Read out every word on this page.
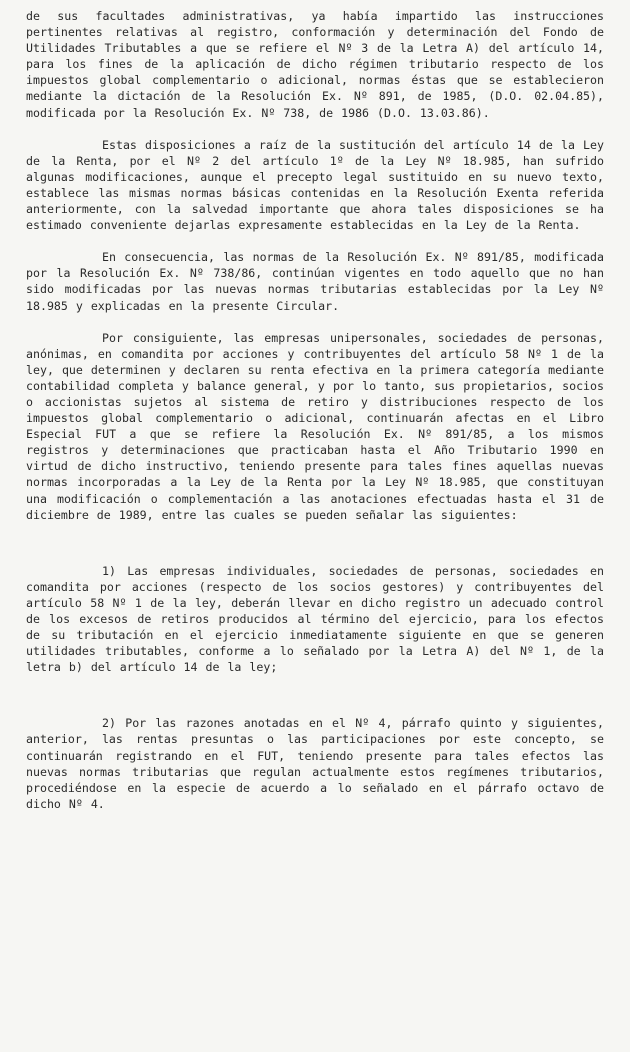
de sus facultades administrativas, ya había impartido las instrucciones pertinentes relativas al registro, conformación y determinación del Fondo de Utilidades Tributables a que se refiere el Nº 3 de la Letra A) del artículo 14, para los fines de la aplicación de dicho régimen tributario respecto de los impuestos global complementario o adicional, normas éstas que se establecieron mediante la dictación de la Resolución Ex. Nº 891, de 1985, (D.O. 02.04.85), modificada por la Resolución Ex. Nº 738, de 1986 (D.O. 13.03.86).

Estas disposiciones a raíz de la sustitución del artículo 14 de la Ley de la Renta, por el Nº 2 del artículo 1º de la Ley Nº 18.985, han sufrido algunas modificaciones, aunque el precepto legal sustituido en su nuevo texto, establece las mismas normas básicas contenidas en la Resolución Exenta referida anteriormente, con la salvedad importante que ahora tales disposiciones se ha estimado conveniente dejarlas expresamente establecidas en la Ley de la Renta.

En consecuencia, las normas de la Resolución Ex. Nº 891/85, modificada por la Resolución Ex. Nº 738/86, continúan vigentes en todo aquello que no han sido modificadas por las nuevas normas tributarias establecidas por la Ley Nº 18.985 y explicadas en la presente Circular.

Por consiguiente, las empresas unipersonales, sociedades de personas, anónimas, en comandita por acciones y contribuyentes del artículo 58 Nº 1 de la ley, que determinen y declaren su renta efectiva en la primera categoría mediante contabilidad completa y balance general, y por lo tanto, sus propietarios, socios o accionistas sujetos al sistema de retiro y distribuciones respecto de los impuestos global complementario o adicional, continuarán afectas en el Libro Especial FUT a que se refiere la Resolución Ex. Nº 891/85, a los mismos registros y determinaciones que practicaban hasta el Año Tributario 1990 en virtud de dicho instructivo, teniendo presente para tales fines aquellas nuevas normas incorporadas a la Ley de la Renta por la Ley Nº 18.985, que constituyan una modificación o complementación a las anotaciones efectuadas hasta el 31 de diciembre de 1989, entre las cuales se pueden señalar las siguientes:

1) Las empresas individuales, sociedades de personas, sociedades en comandita por acciones (respecto de los socios gestores) y contribuyentes del artículo 58 Nº 1 de la ley, deberán llevar en dicho registro un adecuado control de los excesos de retiros producidos al término del ejercicio, para los efectos de su tributación en el ejercicio inmediatamente siguiente en que se generen utilidades tributables, conforme a lo señalado por la Letra A) del Nº 1, de la letra b) del artículo 14 de la ley;

2) Por las razones anotadas en el Nº 4, párrafo quinto y siguientes, anterior, las rentas presuntas o las participaciones por este concepto, se continuarán registrando en el FUT, teniendo presente para tales efectos las nuevas normas tributarias que regulan actualmente estos regímenes tributarios, procediéndose en la especie de acuerdo a lo señalado en el párrafo octavo de dicho Nº 4.
